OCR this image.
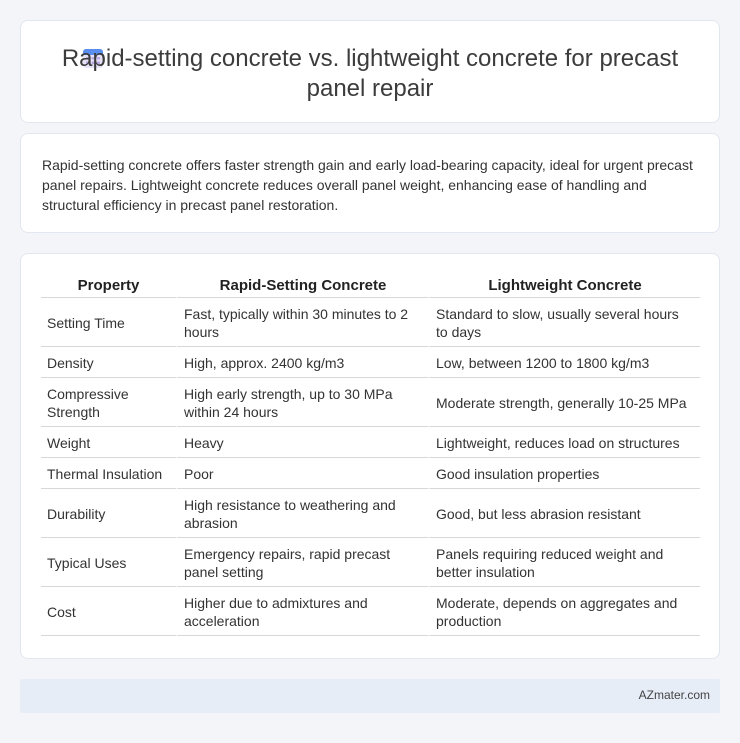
Rapid-setting concrete vs. lightweight concrete for precast panel repair

Rapid-setting concrete offers faster strength gain and early load-bearing capacity, ideal for urgent precast panel repairs. Lightweight concrete reduces overall panel weight, enhancing ease of handling and structural efficiency in precast panel restoration.

Property	Rapid-Setting Concrete	Lightweight Concrete
Setting Time	Fast, typically within 30 minutes to 2 hours	Standard to slow, usually several hours to days
Density	High, approx. 2400 kg/m3	Low, between 1200 to 1800 kg/m3
Compressive Strength	High early strength, up to 30 MPa within 24 hours	Moderate strength, generally 10-25 MPa
Weight	Heavy	Lightweight, reduces load on structures
Thermal Insulation	Poor	Good insulation properties
Durability	High resistance to weathering and abrasion	Good, but less abrasion resistant
Typical Uses	Emergency repairs, rapid precast panel setting	Panels requiring reduced weight and better insulation
Cost	Higher due to admixtures and acceleration	Moderate, depends on aggregates and production
AZmater.com
